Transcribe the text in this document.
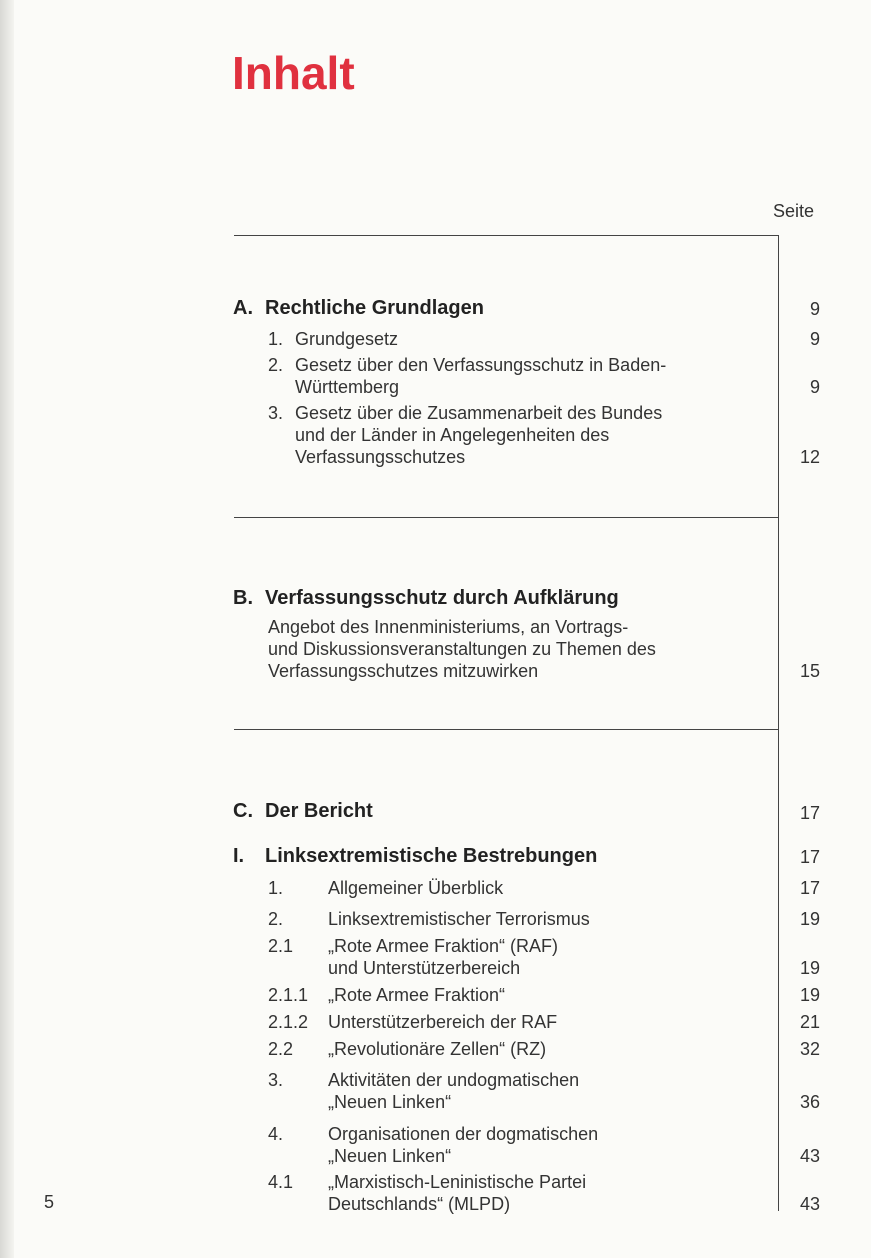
Inhalt
Seite
A. Rechtliche Grundlagen	9
1. Grundgesetz	9
2. Gesetz über den Verfassungsschutz in Baden-
Württemberg	9
3. Gesetz über die Zusammenarbeit des Bundes
und der Länder in Angelegenheiten des
Verfassungsschutzes	12
B. Verfassungsschutz durch Aufklärung
Angebot des Innenministeriums, an Vortrags-
und Diskussionsveranstaltungen zu Themen des
Verfassungsschutzes mitzuwirken	15
C. Der Bericht	17
I. Linksextremistische Bestrebungen	17
1. Allgemeiner Überblick	17
2. Linksextremistischer Terrorismus	19
2.1 „Rote Armee Fraktion“ (RAF)
und Unterstützerbereich	19
2.1.1 „Rote Armee Fraktion“	19
2.1.2 Unterstützerbereich der RAF	21
2.2 „Revolutionäre Zellen“ (RZ)	32
3. Aktivitäten der undogmatischen
„Neuen Linken“	36
4. Organisationen der dogmatischen
„Neuen Linken“	43
4.1 „Marxistisch-Leninistische Partei
Deutschlands“ (MLPD)	43
5
